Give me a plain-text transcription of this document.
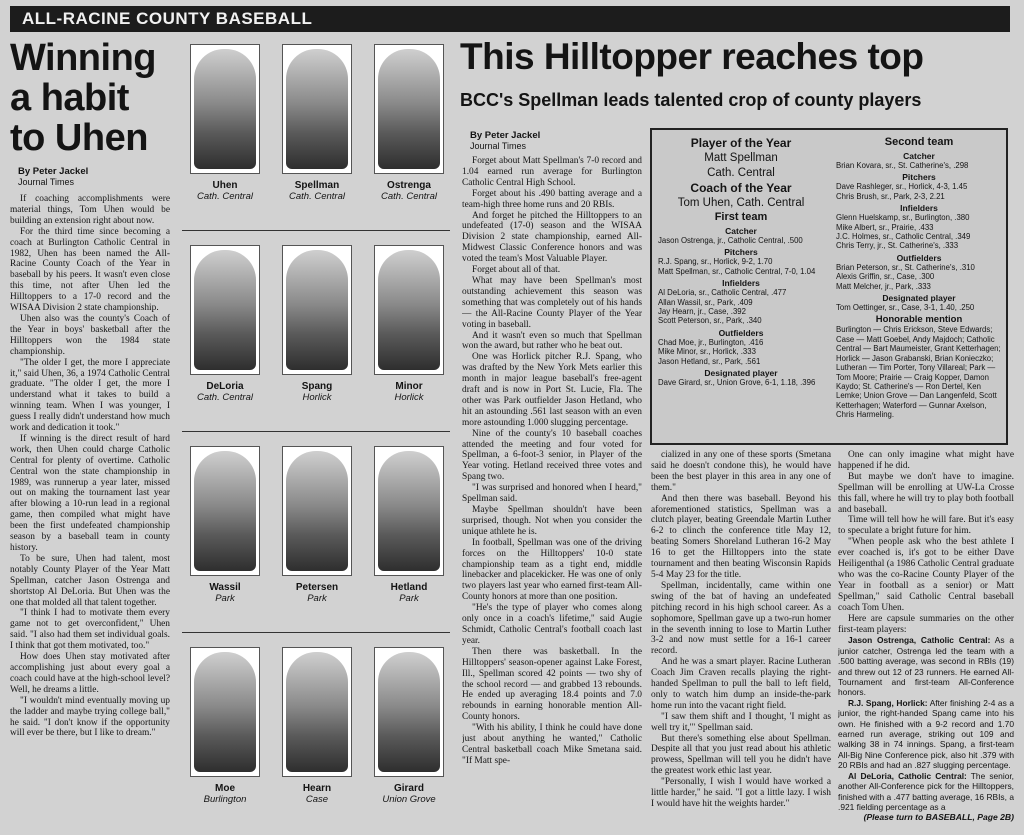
ALL-RACINE COUNTY BASEBALL
Winning
a habit
to Uhen
By Peter Jackel
Journal Times

If coaching accomplishments were material things, Tom Uhen would be building an extension right about now.

For the third time since becoming a coach at Burlington Catholic Central in 1982, Uhen has been named the All-Racine County Coach of the Year in baseball by his peers. It wasn't even close this time, not after Uhen led the Hilltoppers to a 17-0 record and the WISAA Division 2 state championship.

Uhen also was the county's Coach of the Year in boys' basketball after the Hilltoppers won the 1984 state championship.

"The older I get, the more I appreciate it," said Uhen, 36, a 1974 Catholic Central graduate. "The older I get, the more I understand what it takes to build a winning team. When I was younger, I guess I really didn't understand how much work and dedication it took."

If winning is the direct result of hard work, then Uhen could charge Catholic Central for plenty of overtime. Catholic Central won the state championship in 1989, was runnerup a year later, missed out on making the tournament last year after blowing a 10-run lead in a regional game, then compiled what might have been the first undefeated championship season by a baseball team in county history.

To be sure, Uhen had talent, most notably County Player of the Year Matt Spellman, catcher Jason Ostrenga and shortstop Al DeLoria. But Uhen was the one that molded all that talent together.

"I think I had to motivate them every game not to get overconfident," Uhen said. "I also had them set individual goals. I think that got them motivated, too."

How does Uhen stay motivated after accomplishing just about every goal a coach could have at the high-school level? Well, he dreams a little.

"I wouldn't mind eventually moving up the ladder and maybe trying college ball," he said. "I don't know if the opportunity will ever be there, but I like to dream."

Uhen
Cath. Central
Spellman
Cath. Central
Ostrenga
Cath. Central
DeLoria
Cath. Central
Spang
Horlick
Minor
Horlick
Wassil
Park
Petersen
Park
Hetland
Park
Moe
Burlington
Hearn
Case
Girard
Union Grove
This Hilltopper reaches top
BCC's Spellman leads talented crop of county players
By Peter Jackel
Journal Times

Forget about Matt Spellman's 7-0 record and 1.04 earned run average for Burlington Catholic Central High School.

Forget about his .490 batting average and a team-high three home runs and 20 RBIs.

And forget he pitched the Hilltoppers to an undefeated (17-0) season and the WISAA Division 2 state championship, earned All-Midwest Classic Conference honors and was voted the team's Most Valuable Player.

Forget about all of that.

What may have been Spellman's most outstanding achievement this season was something that was completely out of his hands — the All-Racine County Player of the Year voting in baseball.

And it wasn't even so much that Spellman won the award, but rather who he beat out.

One was Horlick pitcher R.J. Spang, who was drafted by the New York Mets earlier this month in major league baseball's free-agent draft and is now in Port St. Lucie, Fla. The other was Park outfielder Jason Hetland, who hit an astounding .561 last season with an even more astounding 1.000 slugging percentage.

Nine of the county's 10 baseball coaches attended the meeting and four voted for Spellman, a 6-foot-3 senior, in Player of the Year voting. Hetland received three votes and Spang two.

"I was surprised and honored when I heard," Spellman said.

Maybe Spellman shouldn't have been surprised, though. Not when you consider the unique athlete he is.

In football, Spellman was one of the driving forces on the Hilltoppers' 10-0 state championship team as a tight end, middle linebacker and placekicker. He was one of only two players last year who earned first-team All-County honors at more than one position.

"He's the type of player who comes along only once in a coach's lifetime," said Augie Schmidt, Catholic Central's football coach last year.

Then there was basketball. In the Hilltoppers' season-opener against Lake Forest, Ill., Spellman scored 42 points — two shy of the school record — and grabbed 13 rebounds. He ended up averaging 18.4 points and 7.0 rebounds in earning honorable mention All-County honors.

"With his ability, I think he could have done just about anything he wanted," Catholic Central basketball coach Mike Smetana said. "If Matt spe-

cialized in any one of these sports (Smetana said he doesn't condone this), he would have been the best player in this area in any one of them."

And then there was baseball. Beyond his aforementioned statistics, Spellman was a clutch player, beating Greendale Martin Luther 6-2 to clinch the conference title May 12, beating Somers Shoreland Lutheran 16-2 May 16 to get the Hilltoppers into the state tournament and then beating Wisconsin Rapids 5-4 May 23 for the title.

Spellman, incidentally, came within one swing of the bat of having an undefeated pitching record in his high school career. As a sophomore, Spellman gave up a two-run homer in the seventh inning to lose to Martin Luther 3-2 and now must settle for a 16-1 career record.

And he was a smart player. Racine Lutheran Coach Jim Craven recalls playing the right-handed Spellman to pull the ball to left field, only to watch him dump an inside-the-park home run into the vacant right field.

"I saw them shift and I thought, 'I might as well try it,'" Spellman said.

But there's something else about Spellman. Despite all that you just read about his athletic prowess, Spellman will tell you he didn't have the greatest work ethic last year.

"Personally, I wish I would have worked a little harder," he said. "I got a little lazy. I wish I would have hit the weights harder."

One can only imagine what might have happened if he did.

But maybe we don't have to imagine. Spellman will be enrolling at UW-La Crosse this fall, where he will try to play both football and baseball.

Time will tell how he will fare. But it's easy to speculate a bright future for him.

"When people ask who the best athlete I ever coached is, it's got to be either Dave Heiligenthal (a 1986 Catholic Central graduate who was the co-Racine County Player of the Year in football as a senior) or Matt Spellman," said Catholic Central baseball coach Tom Uhen.

Here are capsule summaries on the other first-team players:

Jason Ostrenga, Catholic Central: As a junior catcher, Ostrenga led the team with a .500 batting average, was second in RBIs (19) and threw out 12 of 23 runners. He earned All-Tournament and first-team All-Conference honors.

R.J. Spang, Horlick: After finishing 2-4 as a junior, the right-handed Spang came into his own. He finished with a 9-2 record and 1.70 earned run average, striking out 109 and walking 38 in 74 innings. Spang, a first-team All-Big Nine Conference pick, also hit .379 with 20 RBIs and had an .827 slugging percentage.

Al DeLoria, Catholic Central: The senior, another All-Conference pick for the Hilltoppers, finished with a .477 batting average, 16 RBIs, a .921 fielding percentage as a

(Please turn to BASEBALL, Page 2B)

Player of the Year

Matt Spellman

Cath. Central

Coach of the Year

Tom Uhen, Cath. Central

First team

Catcher

Jason Ostrenga, jr., Catholic Central, .500

Pitchers

R.J. Spang, sr., Horlick, 9-2, 1.70

Matt Spellman, sr., Catholic Central, 7-0, 1.04

Infielders

Al DeLoria, sr., Catholic Central, .477

Allan Wassil, sr., Park, .409

Jay Hearn, jr., Case, .392

Scott Peterson, sr., Park, .340

Outfielders

Chad Moe, jr., Burlington, .416

Mike Minor, sr., Horlick, .333

Jason Hetland, sr., Park, .561

Designated player

Dave Girard, sr., Union Grove, 6-1, 1.18, .396

Second team

Catcher

Brian Kovara, sr., St. Catherine's, .298

Pitchers

Dave Rashleger, sr., Horlick, 4-3, 1.45

Chris Brush, sr., Park, 2-3, 2.21

Infielders

Glenn Huelskamp, sr., Burlington, .380

Mike Albert, sr., Prairie, .433

J.C. Holmes, sr., Catholic Central, .349

Chris Terry, jr., St. Catherine's, .333

Outfielders

Brian Peterson, sr., St. Catherine's, .310

Alexis Griffin, sr., Case, .300

Matt Melcher, jr., Park, .333

Designated player

Tom Oettinger, sr., Case, 3-1, 1.40, .250

Honorable mention

Burlington — Chris Erickson, Steve Edwards; Case — Matt Goebel, Andy Majdoch; Catholic Central — Bart Maumeister, Grant Ketterhagen; Horlick — Jason Grabanski, Brian Konieczko; Lutheran — Tim Porter, Tony Villareal; Park — Tom Moore; Prairie — Craig Kopper, Damon Kaydo; St. Catherine's — Ron Dertel, Ken Lemke; Union Grove — Dan Langenfeld, Scott Ketterhagen; Waterford — Gunnar Axelson, Chris Harmeling.
